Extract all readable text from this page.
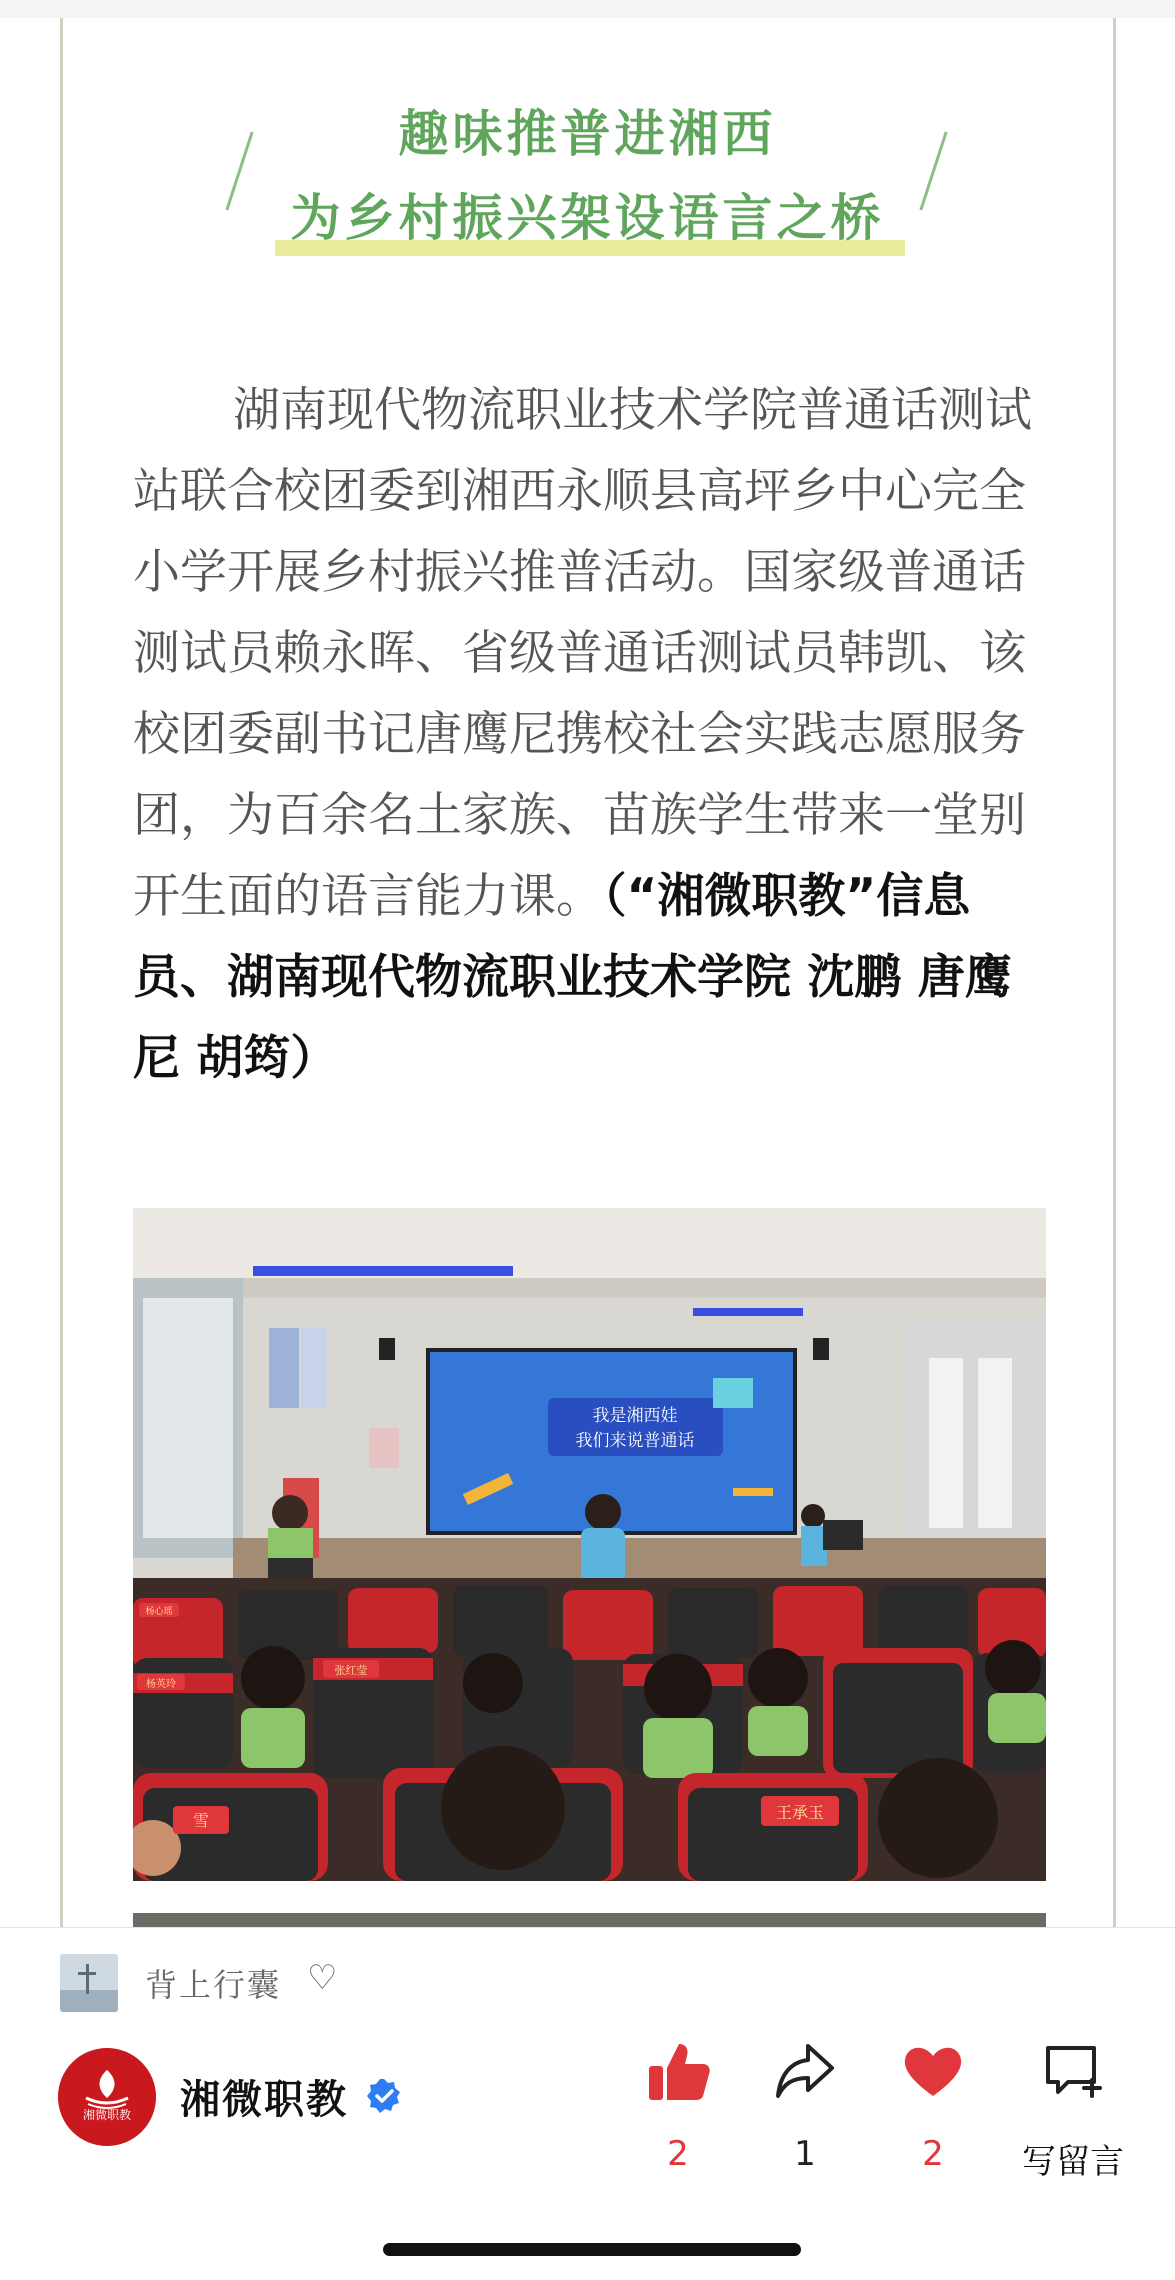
趣味推普进湘西
为乡村振兴架设语言之桥
湖南现代物流职业技术学院普通话测试站联合校团委到湘西永顺县高坪乡中心完全小学开展乡村振兴推普活动。国家级普通话测试员赖永晖、省级普通话测试员韩凯、该校团委副书记唐鹰尼携校社会实践志愿服务团，为百余名土家族、苗族学生带来一堂别开生面的语言能力课。（“湘微职教”信息员、湖南现代物流职业技术学院 沈鹏 唐鹰尼 胡筠）
我是湘西娃
我们来说普通话
王承玉
雪
张红莹
杨英玲
杨心瑶
背上行囊 ♡
湘微职教	湘微职教
2	1	2	写留言
